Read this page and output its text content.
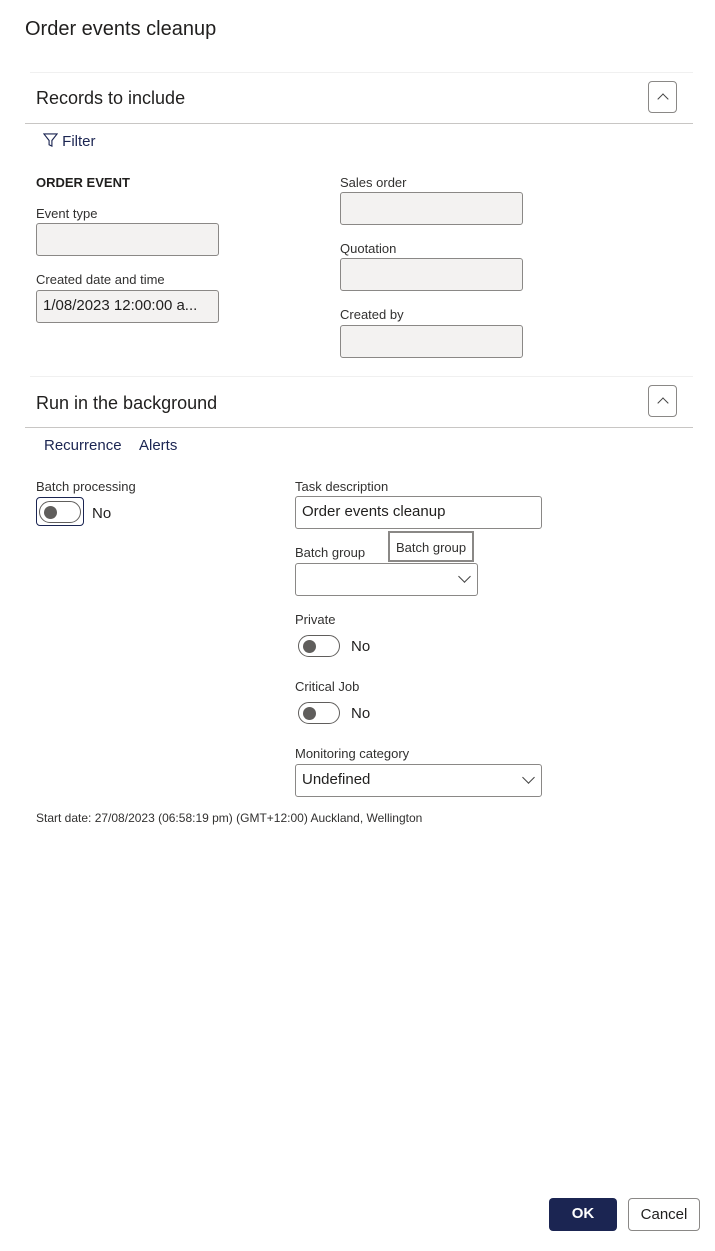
Order events cleanup
Records to include
Filter
ORDER EVENT
Event type
Created date and time
1/08/2023 12:00:00 a...
Sales order
Quotation
Created by
Run in the background
Recurrence Alerts
Batch processing
No
Task description
Order events cleanup
Batch group	Batch group
Private
No
Critical Job
No
Monitoring category
Undefined
Start date: 27/08/2023 (06:58:19 pm) (GMT+12:00) Auckland, Wellington
OK	Cancel
